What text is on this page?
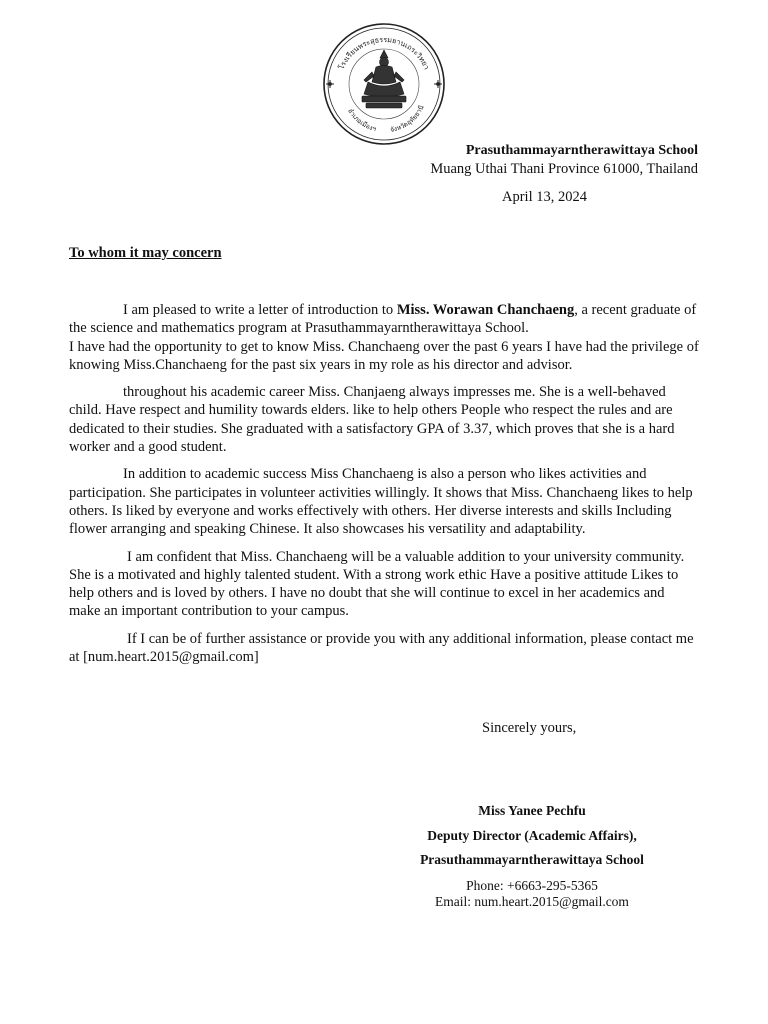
โรงเรียนพระสุธรรมยานเถระวิทยา
อำเภอเมืองฯ จังหวัดอุทัยธานี
Prasuthammayarntherawittaya School
Muang Uthai Thani Province 61000, Thailand
April 13, 2024
To whom it may concern

I am pleased to write a letter of introduction to Miss. Worawan Chanchaeng, a recent graduate of the science and mathematics program at Prasuthammayarntherawittaya School.
I have had the opportunity to get to know Miss. Chanchaeng over the past 6 years I have had the privilege of knowing Miss.Chanchaeng for the past six years in my role as his director and advisor.

throughout his academic career Miss. Chanjaeng always impresses me. She is a well-behaved child. Have respect and humility towards elders. like to help others People who respect the rules and are dedicated to their studies. She graduated with a satisfactory GPA of 3.37, which proves that she is a hard worker and a good student.

In addition to academic success Miss Chanchaeng is also a person who likes activities and participation. She participates in volunteer activities willingly. It shows that Miss. Chanchaeng likes to help others. Is liked by everyone and works effectively with others. Her diverse interests and skills Including flower arranging and speaking Chinese. It also showcases his versatility and adaptability.

I am confident that Miss. Chanchaeng will be a valuable addition to your university community. She is a motivated and highly talented student. With a strong work ethic Have a positive attitude Likes to help others and is loved by others. I have no doubt that she will continue to excel in her academics and make an important contribution to your campus.

If I can be of further assistance or provide you with any additional information, please contact me at [num.heart.2015@gmail.com]

Sincerely yours,
Miss Yanee Pechfu
Deputy Director (Academic Affairs),
Prasuthammayarntherawittaya School
Phone: +6663-295-5365
Email: num.heart.2015@gmail.com
